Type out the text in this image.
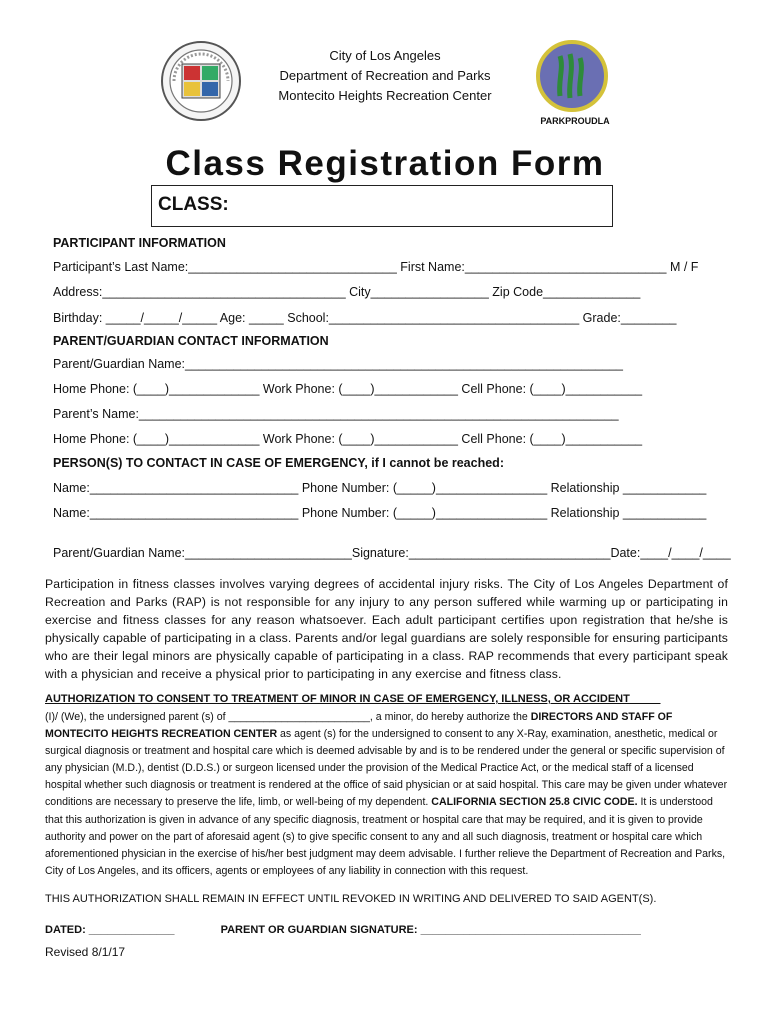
City of Los Angeles
Department of Recreation and Parks
Montecito Heights Recreation Center
PARKPROUDLA
Class Registration Form
CLASS:
PARTICIPANT INFORMATION
Participant’s Last Name:______________________________ First Name:_____________________________ M / F
Address:___________________________________ City_________________ Zip Code______________
Birthday: _____/_____/_____ Age: _____ School:____________________________________ Grade:________
PARENT/GUARDIAN CONTACT INFORMATION
Parent/Guardian Name:_______________________________________________________________
Home Phone: (____)_____________ Work Phone: (____)____________ Cell Phone: (____)___________
Parent’s Name:_____________________________________________________________________
Home Phone: (____)_____________ Work Phone: (____)____________ Cell Phone: (____)___________
PERSON(S) TO CONTACT IN CASE OF EMERGENCY, if I cannot be reached:
Name:______________________________ Phone Number: (_____)________________ Relationship ____________
Name:______________________________ Phone Number: (_____)________________ Relationship ____________
Parent/Guardian Name:________________________Signature:_____________________________Date:____/____/____
Participation in fitness classes involves varying degrees of accidental injury risks. The City of Los Angeles Department of Recreation and Parks (RAP) is not responsible for any injury to any person suffered while warming up or participating in exercise and fitness classes for any reason whatsoever. Each adult participant certifies upon registration that he/she is physically capable of participating in a class. Parents and/or legal guardians are solely responsible for ensuring participants who are their legal minors are physically capable of participating in a class. RAP recommends that every participant speak with a physician and receive a physical prior to participating in any exercise and fitness class.
AUTHORIZATION TO CONSENT TO TREATMENT OF MINOR IN CASE OF EMERGENCY, ILLNESS, OR ACCIDENT_____
(I)/ (We), the undersigned parent (s) of ________________________, a minor, do hereby authorize the DIRECTORS AND STAFF OF MONTECITO HEIGHTS RECREATION CENTER as agent (s) for the undersigned to consent to any X-Ray, examination, anesthetic, medical or surgical diagnosis or treatment and hospital care which is deemed advisable by and is to be rendered under the general or specific supervision of any physician (M.D.), dentist (D.D.S.) or surgeon licensed under the provision of the Medical Practice Act, or the medical staff of a licensed hospital whether such diagnosis or treatment is rendered at the office of said physician or at said hospital. This care may be given under whatever conditions are necessary to preserve the life, limb, or well-being of my dependent. CALIFORNIA SECTION 25.8 CIVIC CODE. It is understood that this authorization is given in advance of any specific diagnosis, treatment or hospital care that may be required, and it is given to provide authority and power on the part of aforesaid agent (s) to give specific consent to any and all such diagnosis, treatment or hospital care which aforementioned physician in the exercise of his/her best judgment may deem advisable. I further relieve the Department of Recreation and Parks, City of Los Angeles, and its officers, agents or employees of any liability in connection with this request.
THIS AUTHORIZATION SHALL REMAIN IN EFFECT UNTIL REVOKED IN WRITING AND DELIVERED TO SAID AGENT(S).
DATED: ______________	PARENT OR GUARDIAN SIGNATURE: ____________________________________
Revised 8/1/17
